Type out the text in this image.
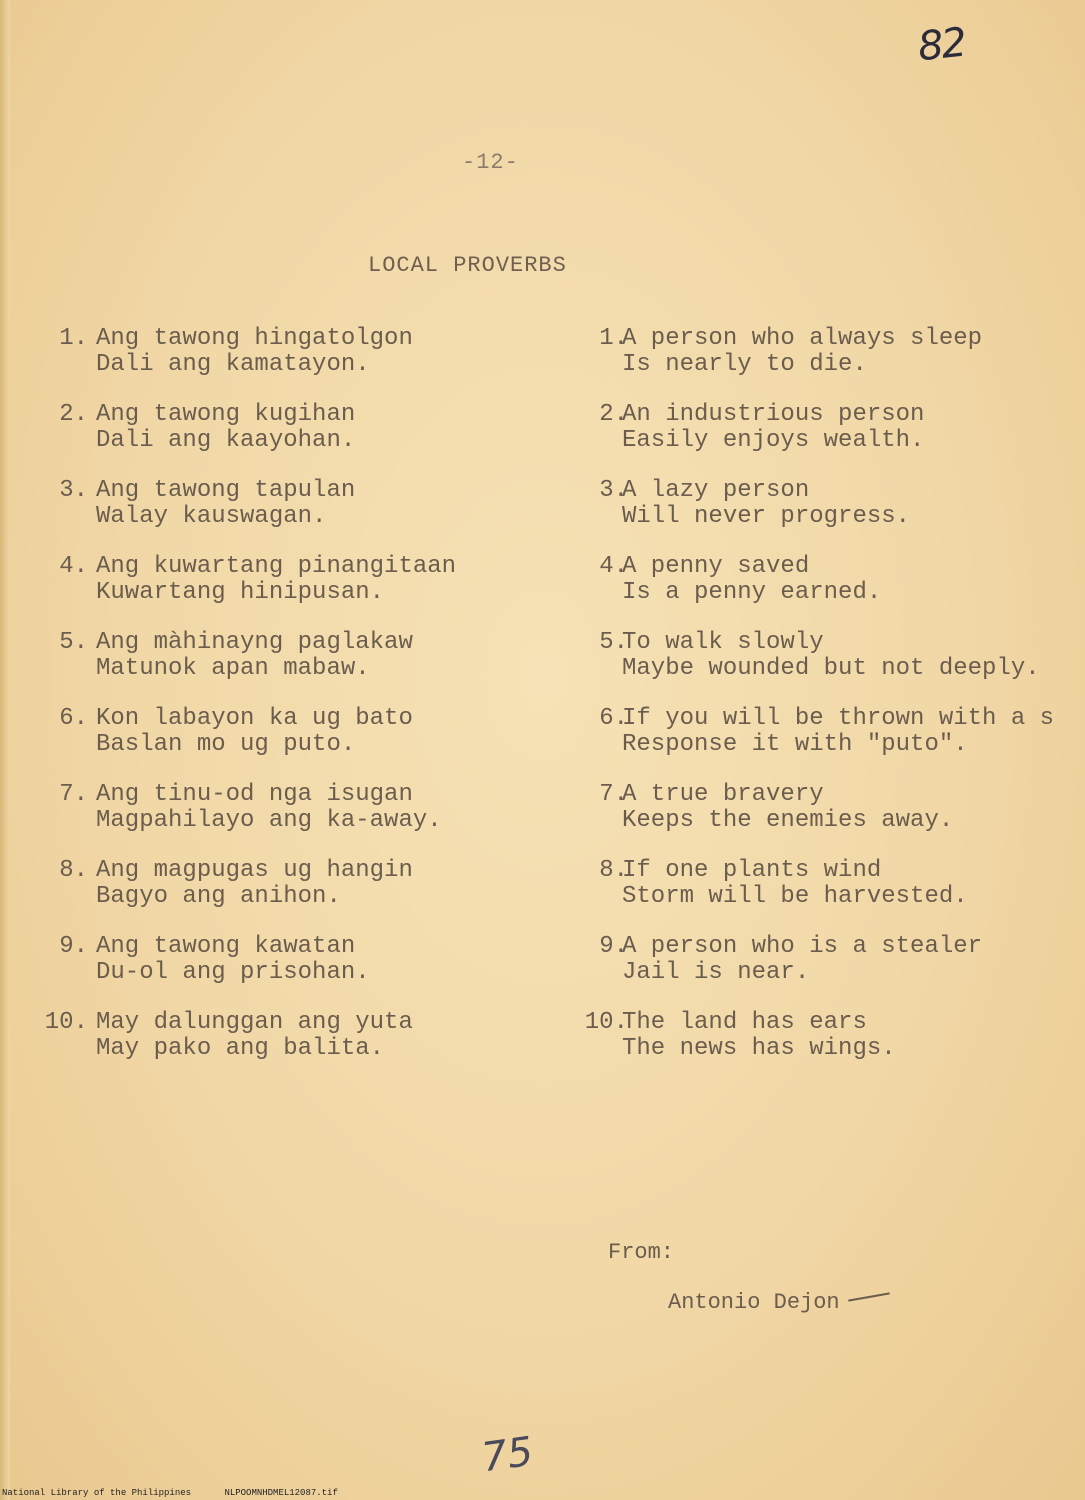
82
-12-
LOCAL PROVERBS
1. Ang tawong hingatolgon
Dali ang kamatayon.
2. Ang tawong kugihan
Dali ang kaayohan.
3. Ang tawong tapulan
Walay kauswagan.
4. Ang kuwartang pinangitaan
Kuwartang hinipusan.
5. Ang màhinayng paglakaw
Matunok apan mabaw.
6. Kon labayon ka ug bato
Baslan mo ug puto.
7. Ang tinu-od nga isugan
Magpahilayo ang ka-away.
8. Ang magpugas ug hangin
Bagyo ang anihon.
9. Ang tawong kawatan
Du-ol ang prisohan.
10. May dalunggan ang yuta
May pako ang balita.
1.
A person who always sleep
Is nearly to die.
2.
An industrious person
Easily enjoys wealth.
3.
A lazy person
Will never progress.
4.
A penny saved
Is a penny earned.
5.
To walk slowly
Maybe wounded but not deeply.
6.
If you will be thrown with a s
Response it with "puto".
7.
A true bravery
Keeps the enemies away.
8.
If one plants wind
Storm will be harvested.
9.
A person who is a stealer
Jail is near.
10.
The land has ears
The news has wings.
From:
Antonio Dejon
75
National Library of the Philippines	NLPOOMNHDMEL12087.tif
